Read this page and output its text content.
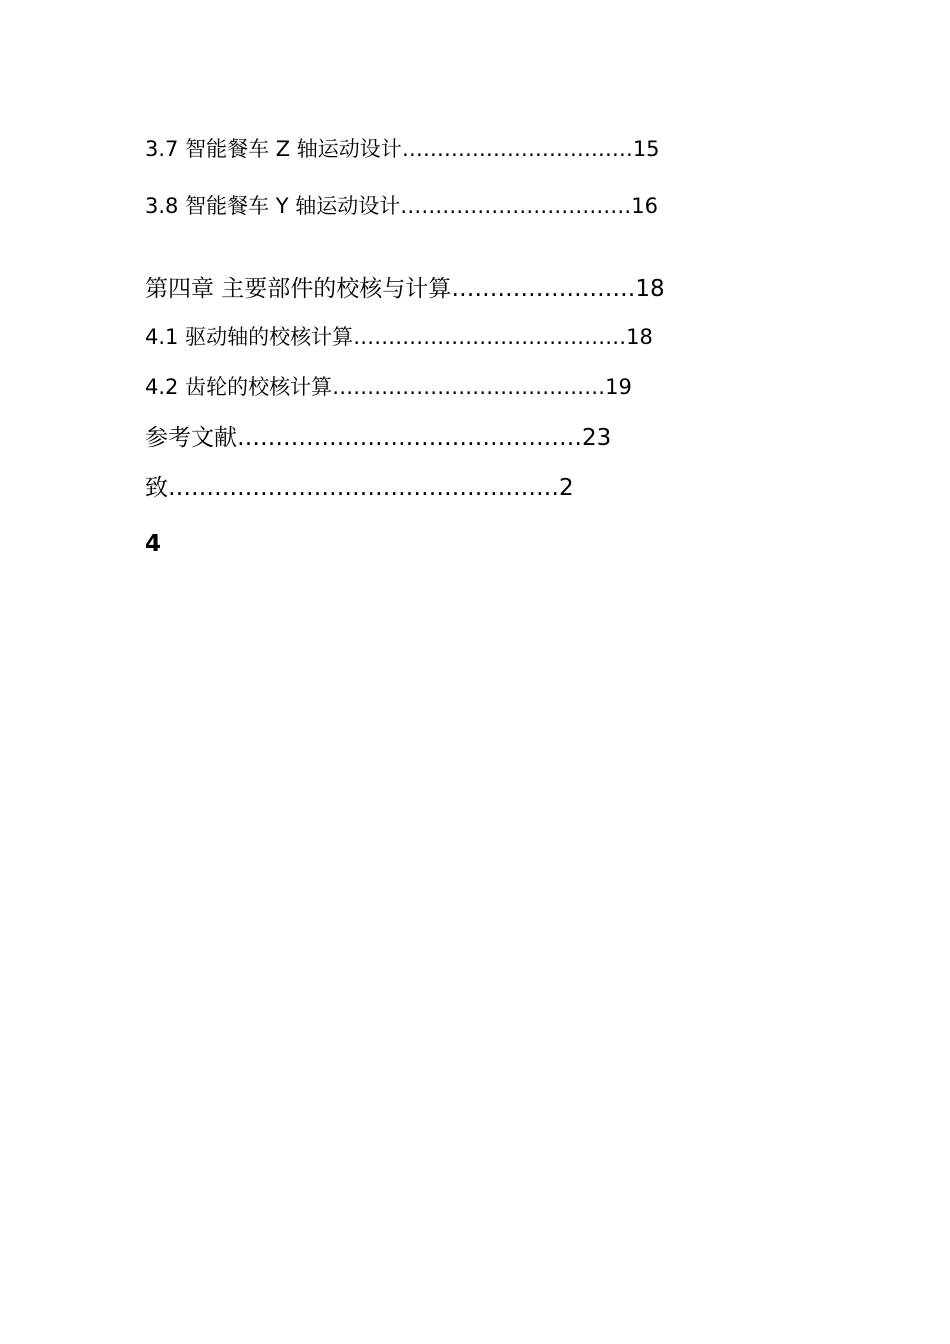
3.7 智能餐车 Z 轴运动设计……………………………15
3.8 智能餐车 Y 轴运动设计……………………………16
第四章 主要部件的校核与计算……………………18
4.1 驱动轴的校核计算…………………………………18
4.2 齿轮的校核计算…………………………………19
参考文献………………………………………23
致……………………………………………2
4
